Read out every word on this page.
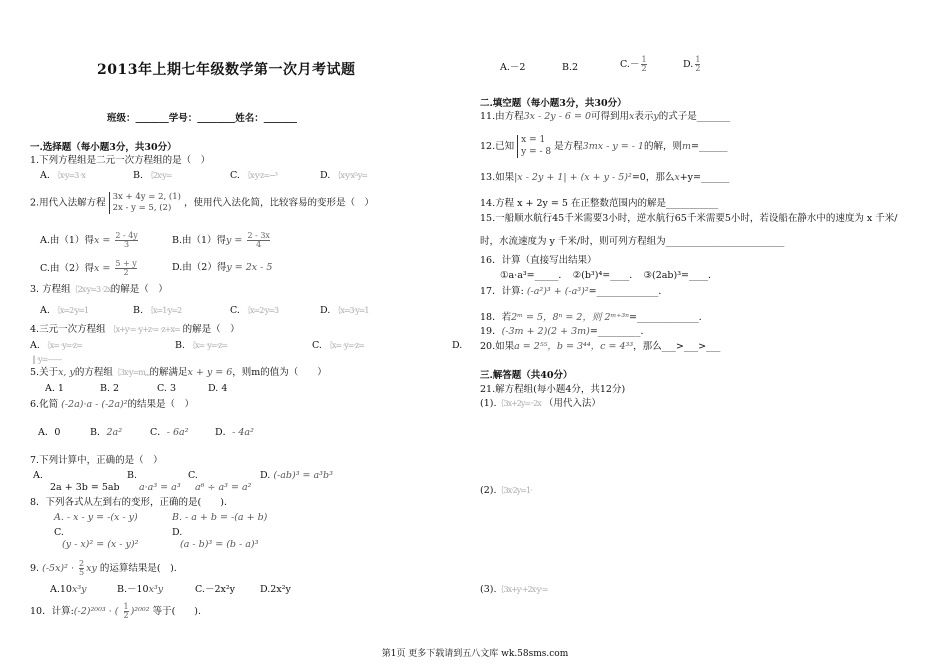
2013年上期七年级数学第一次月考试题
班级：_______学号：________姓名：_______
一.选择题（每小题3分，共30分）
1.下列方程组是二元一次方程组的是（　）
A. ｛x·y=3 ·x	B. ｛2x·y=	C. ｛x·y·z=−³	D. ｛x·y·x²·y=
2.用代入法解方程 3x + 4y = 2, (1)
2x - y = 5, (2) ，使用代入法化简，比较容易的变形是（　）
A.由（1）得$x = \frac{2 - 4y}{3}$	B.由（1）得$y = \frac{2 - 3x}{4}$
C.由（2）得$x = \frac{5 + y}{2}$	D.由（2）得y = 2x - 5
3. 方程组｛2x·y=3 ·2x的解是（　）
A. ｛x=2·y=1	B. ｛x=1·y=2	C. ｛x=2·y=3	D. ｛x=3·y=1
4.三元一次方程组 ｛x+y·= ·y+z·= ·z+x= 的解是（　）
A. ｛x= ·y=·z=	B. ｛x= ·y=·z=	C. ｛x= ·y=·z=	D.
‖ ·y=——
5.关于x, y的方程组｛3x·y=m,,,的解满足x + y = 6，则m的值为（　　）
A. 1	B. 2	C. 3	D. 4
6.化简 (-2a)·a - (-2a)²的结果是（　）
A．0	B．2a²	C．- 6a²	D．- 4a²
7.下列计算中，正确的是（　）
A.
2a + 3b = 5ab
B.
a·a³ = a³
C.
a⁶ ÷ a³ = a²
D. (-ab)³ = a³b³
8．下列各式从左到右的变形，正确的是(　　)．
A. - x - y = -(x - y)	B. - a + b = -(a + b)
C.
(y - x)² = (x - y)²
D.
(a - b)³ = (b - a)³
9. $(-5x)^2 \cdot \frac{2}{5}$ xy 的运算结果是(　).
A.10x³y	B.－10x³y	C.－2x²y	D.2x²y
10．计算:(-2)²⁰⁰³ · ( $\frac{1}{2} )^{2002}$ 等于(　　).
A.－2	B.2	$C.- \frac{1}{2}$	D. $\frac{1}{2}$
二.填空题（每小题3分，共30分）
11.由方程3x - 2y - 6 = 0可得到用x表示y的式子是_______
12.已知 x = 1
y = - 8 是方程3mx - y = - 1的解，则m=______
13.如果|x - 2y + 1| + (x + y - 5)²=0，那么x+y=______
14.方程 x + 2y = 5 在正整数范围内的解是___________
15.一船顺水航行45千米需要3小时，逆水航行65千米需要5小时，若设船在静水中的速度为 x 千米/
时，水流速度为 y 千米/时，则可列方程组为_________________________
16．计算（直接写出结果）
①a·a³=_____．　②(b³)⁴=____．　③(2ab)³=____．
17．计算: (-a²)³ + (-a³)²=_____________．
18．若2ᵐ = 5，8ⁿ = 2，则 2ᵐ⁺³ⁿ=_____________．
19．(-3m + 2)(2 + 3m)=_________．
20.如果a = 2⁵⁵，b = 3⁴⁴，c = 4³³，那么___>___>___
三.解答题（共40分）
21.解方程组(每小题4分，共12分)
(1).｛3x+2y=··2x （用代入法）
(2).｛3x·2y=1·
(3).｛3x+y·+2x·y·=
第1页 更多下载请到五八文库 wk.58sms.com
